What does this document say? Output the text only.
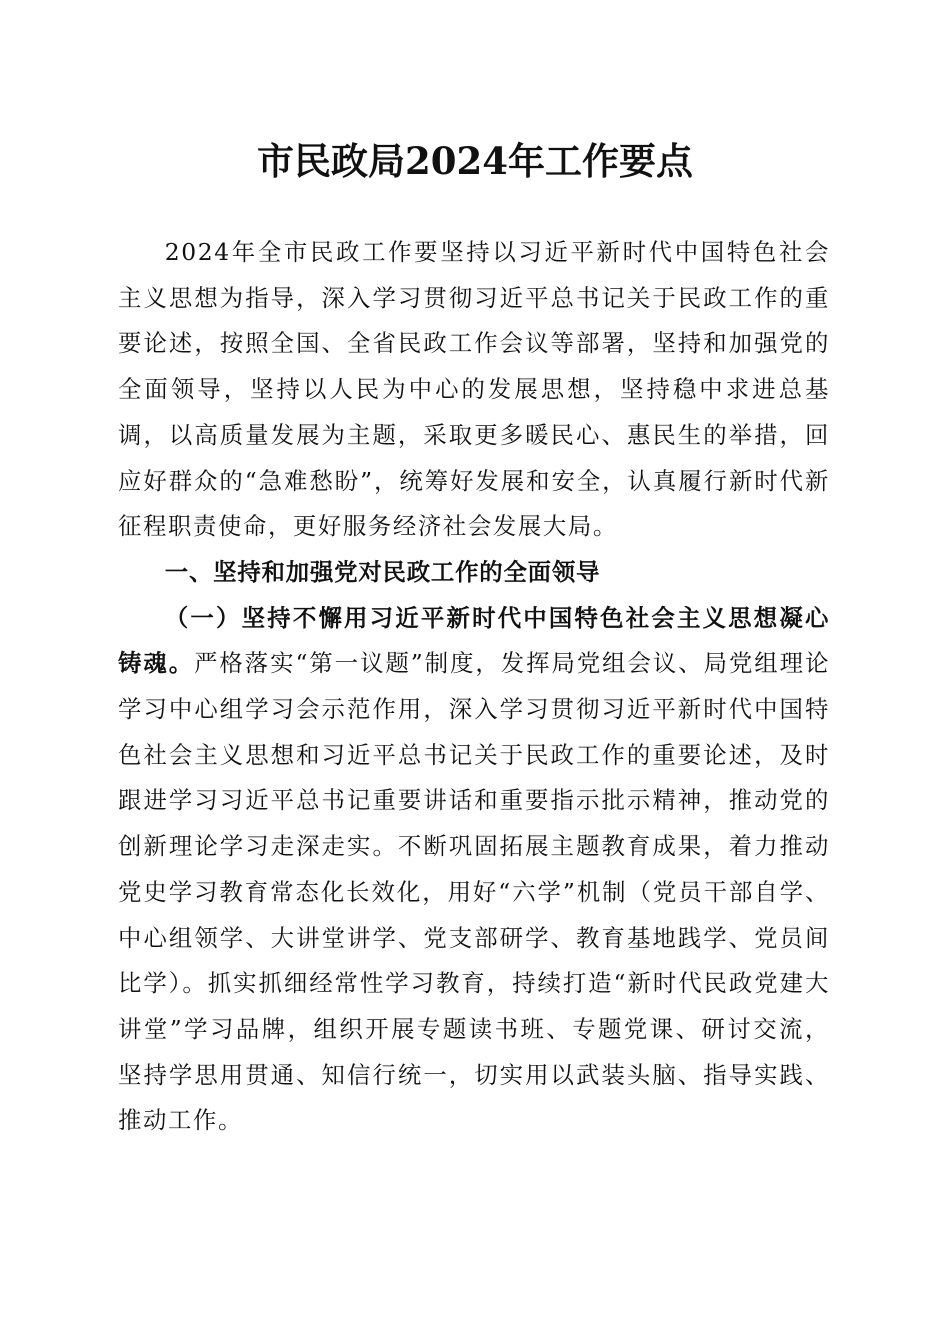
市民政局2024年工作要点

2024年全市民政工作要坚持以习近平新时代中国特色社会主义思想为指导，深入学习贯彻习近平总书记关于民政工作的重要论述，按照全国、全省民政工作会议等部署，坚持和加强党的全面领导，坚持以人民为中心的发展思想，坚持稳中求进总基调，以高质量发展为主题，采取更多暖民心、惠民生的举措，回应好群众的“急难愁盼”，统筹好发展和安全，认真履行新时代新征程职责使命，更好服务经济社会发展大局。

一、坚持和加强党对民政工作的全面领导

（一）坚持不懈用习近平新时代中国特色社会主义思想凝心铸魂。严格落实“第一议题”制度，发挥局党组会议、局党组理论学习中心组学习会示范作用，深入学习贯彻习近平新时代中国特色社会主义思想和习近平总书记关于民政工作的重要论述，及时跟进学习习近平总书记重要讲话和重要指示批示精神，推动党的创新理论学习走深走实。不断巩固拓展主题教育成果，着力推动党史学习教育常态化长效化，用好“六学”机制（党员干部自学、中心组领学、大讲堂讲学、党支部研学、教育基地践学、党员间比学）。抓实抓细经常性学习教育，持续打造“新时代民政党建大讲堂”学习品牌，组织开展专题读书班、专题党课、研讨交流，坚持学思用贯通、知信行统一，切实用以武装头脑、指导实践、推动工作。
